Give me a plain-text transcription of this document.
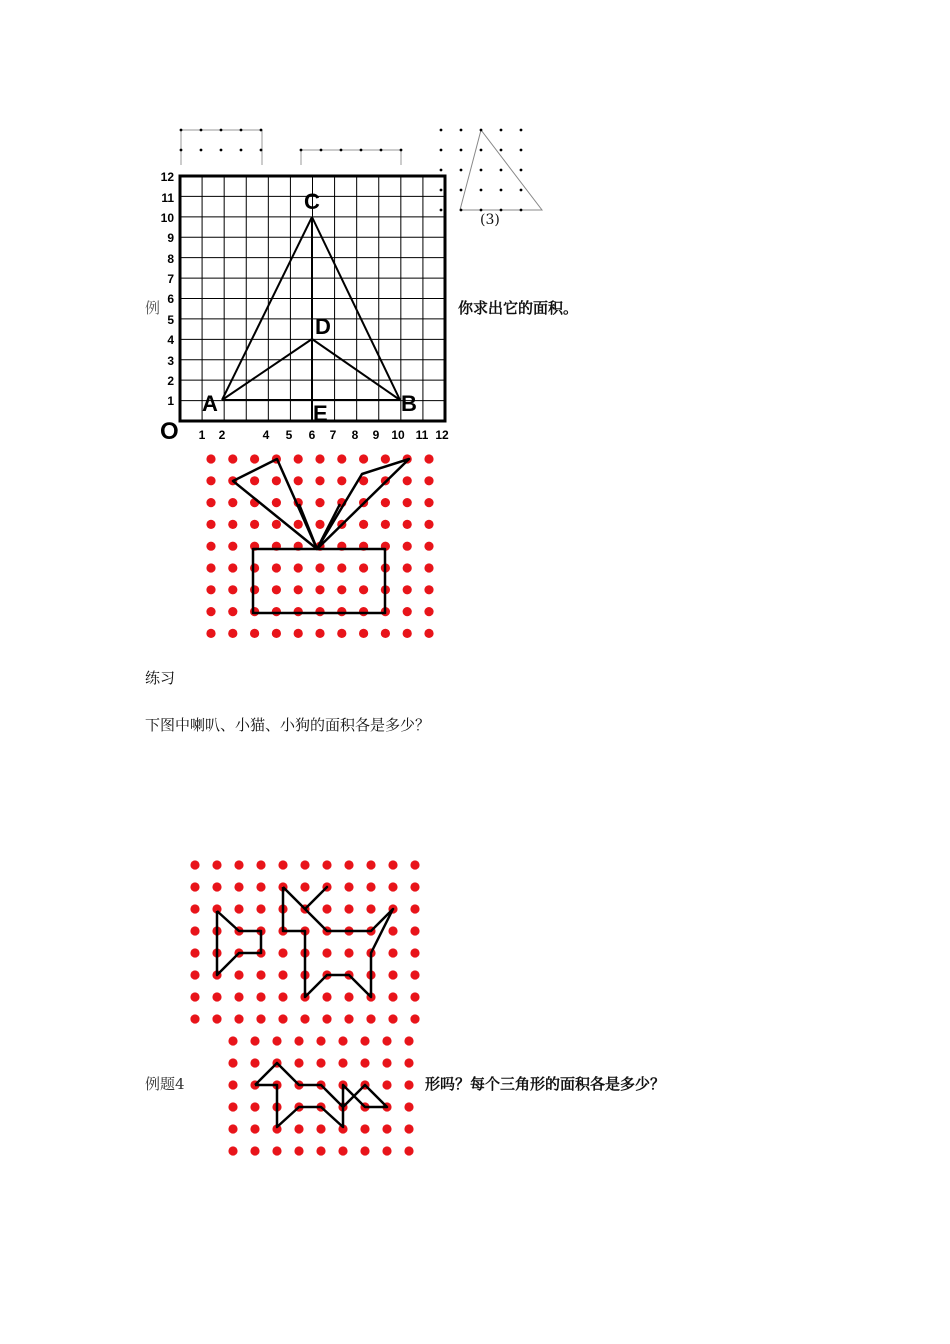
(3)
例	你求出它的面积。
1
2
3
4
5
6
7
8
9
10
11
12
1 2	4 5 6 7 8 9 10 11 12
O
C
D
A	B
E
练习
下图中喇叭、小猫、小狗的面积各是多少？
例题4	形吗？每个三角形的面积各是多少？
